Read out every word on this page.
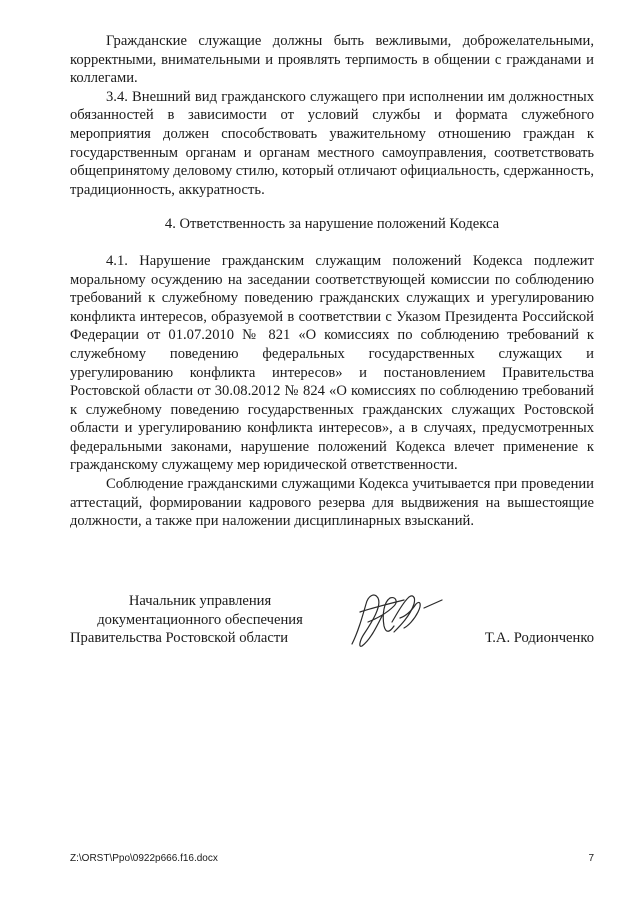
Гражданские служащие должны быть вежливыми, доброжелательными, корректными, внимательными и проявлять терпимость в общении с гражданами и коллегами.

3.4. Внешний вид гражданского служащего при исполнении им должностных обязанностей в зависимости от условий службы и формата служебного мероприятия должен способствовать уважительному отношению граждан к государственным органам и органам местного самоуправления, соответствовать общепринятому деловому стилю, который отличают официальность, сдержанность, традиционность, аккуратность.

4. Ответственность за нарушение положений Кодекса

4.1. Нарушение гражданским служащим положений Кодекса подлежит моральному осуждению на заседании соответствующей комиссии по соблюдению требований к служебному поведению гражданских служащих и урегулированию конфликта интересов, образуемой в соответствии с Указом Президента Российской Федерации от 01.07.2010 № 821 «О комиссиях по соблюдению требований к служебному поведению федеральных государственных служащих и урегулированию конфликта интересов» и постановлением Правительства Ростовской области от 30.08.2012 № 824 «О комиссиях по соблюдению требований к служебному поведению государственных гражданских служащих Ростовской области и урегулированию конфликта интересов», а в случаях, предусмотренных федеральными законами, нарушение положений Кодекса влечет применение к гражданскому служащему мер юридической ответственности.

Соблюдение гражданскими служащими Кодекса учитывается при проведении аттестаций, формировании кадрового резерва для выдвижения на вышестоящие должности, а также при наложении дисциплинарных взысканий.

Начальник управления
документационного обеспечения
Правительства Ростовской области	Т.А. Родионченко
Z:\ORST\Ppo\0922p666.f16.docx	7
